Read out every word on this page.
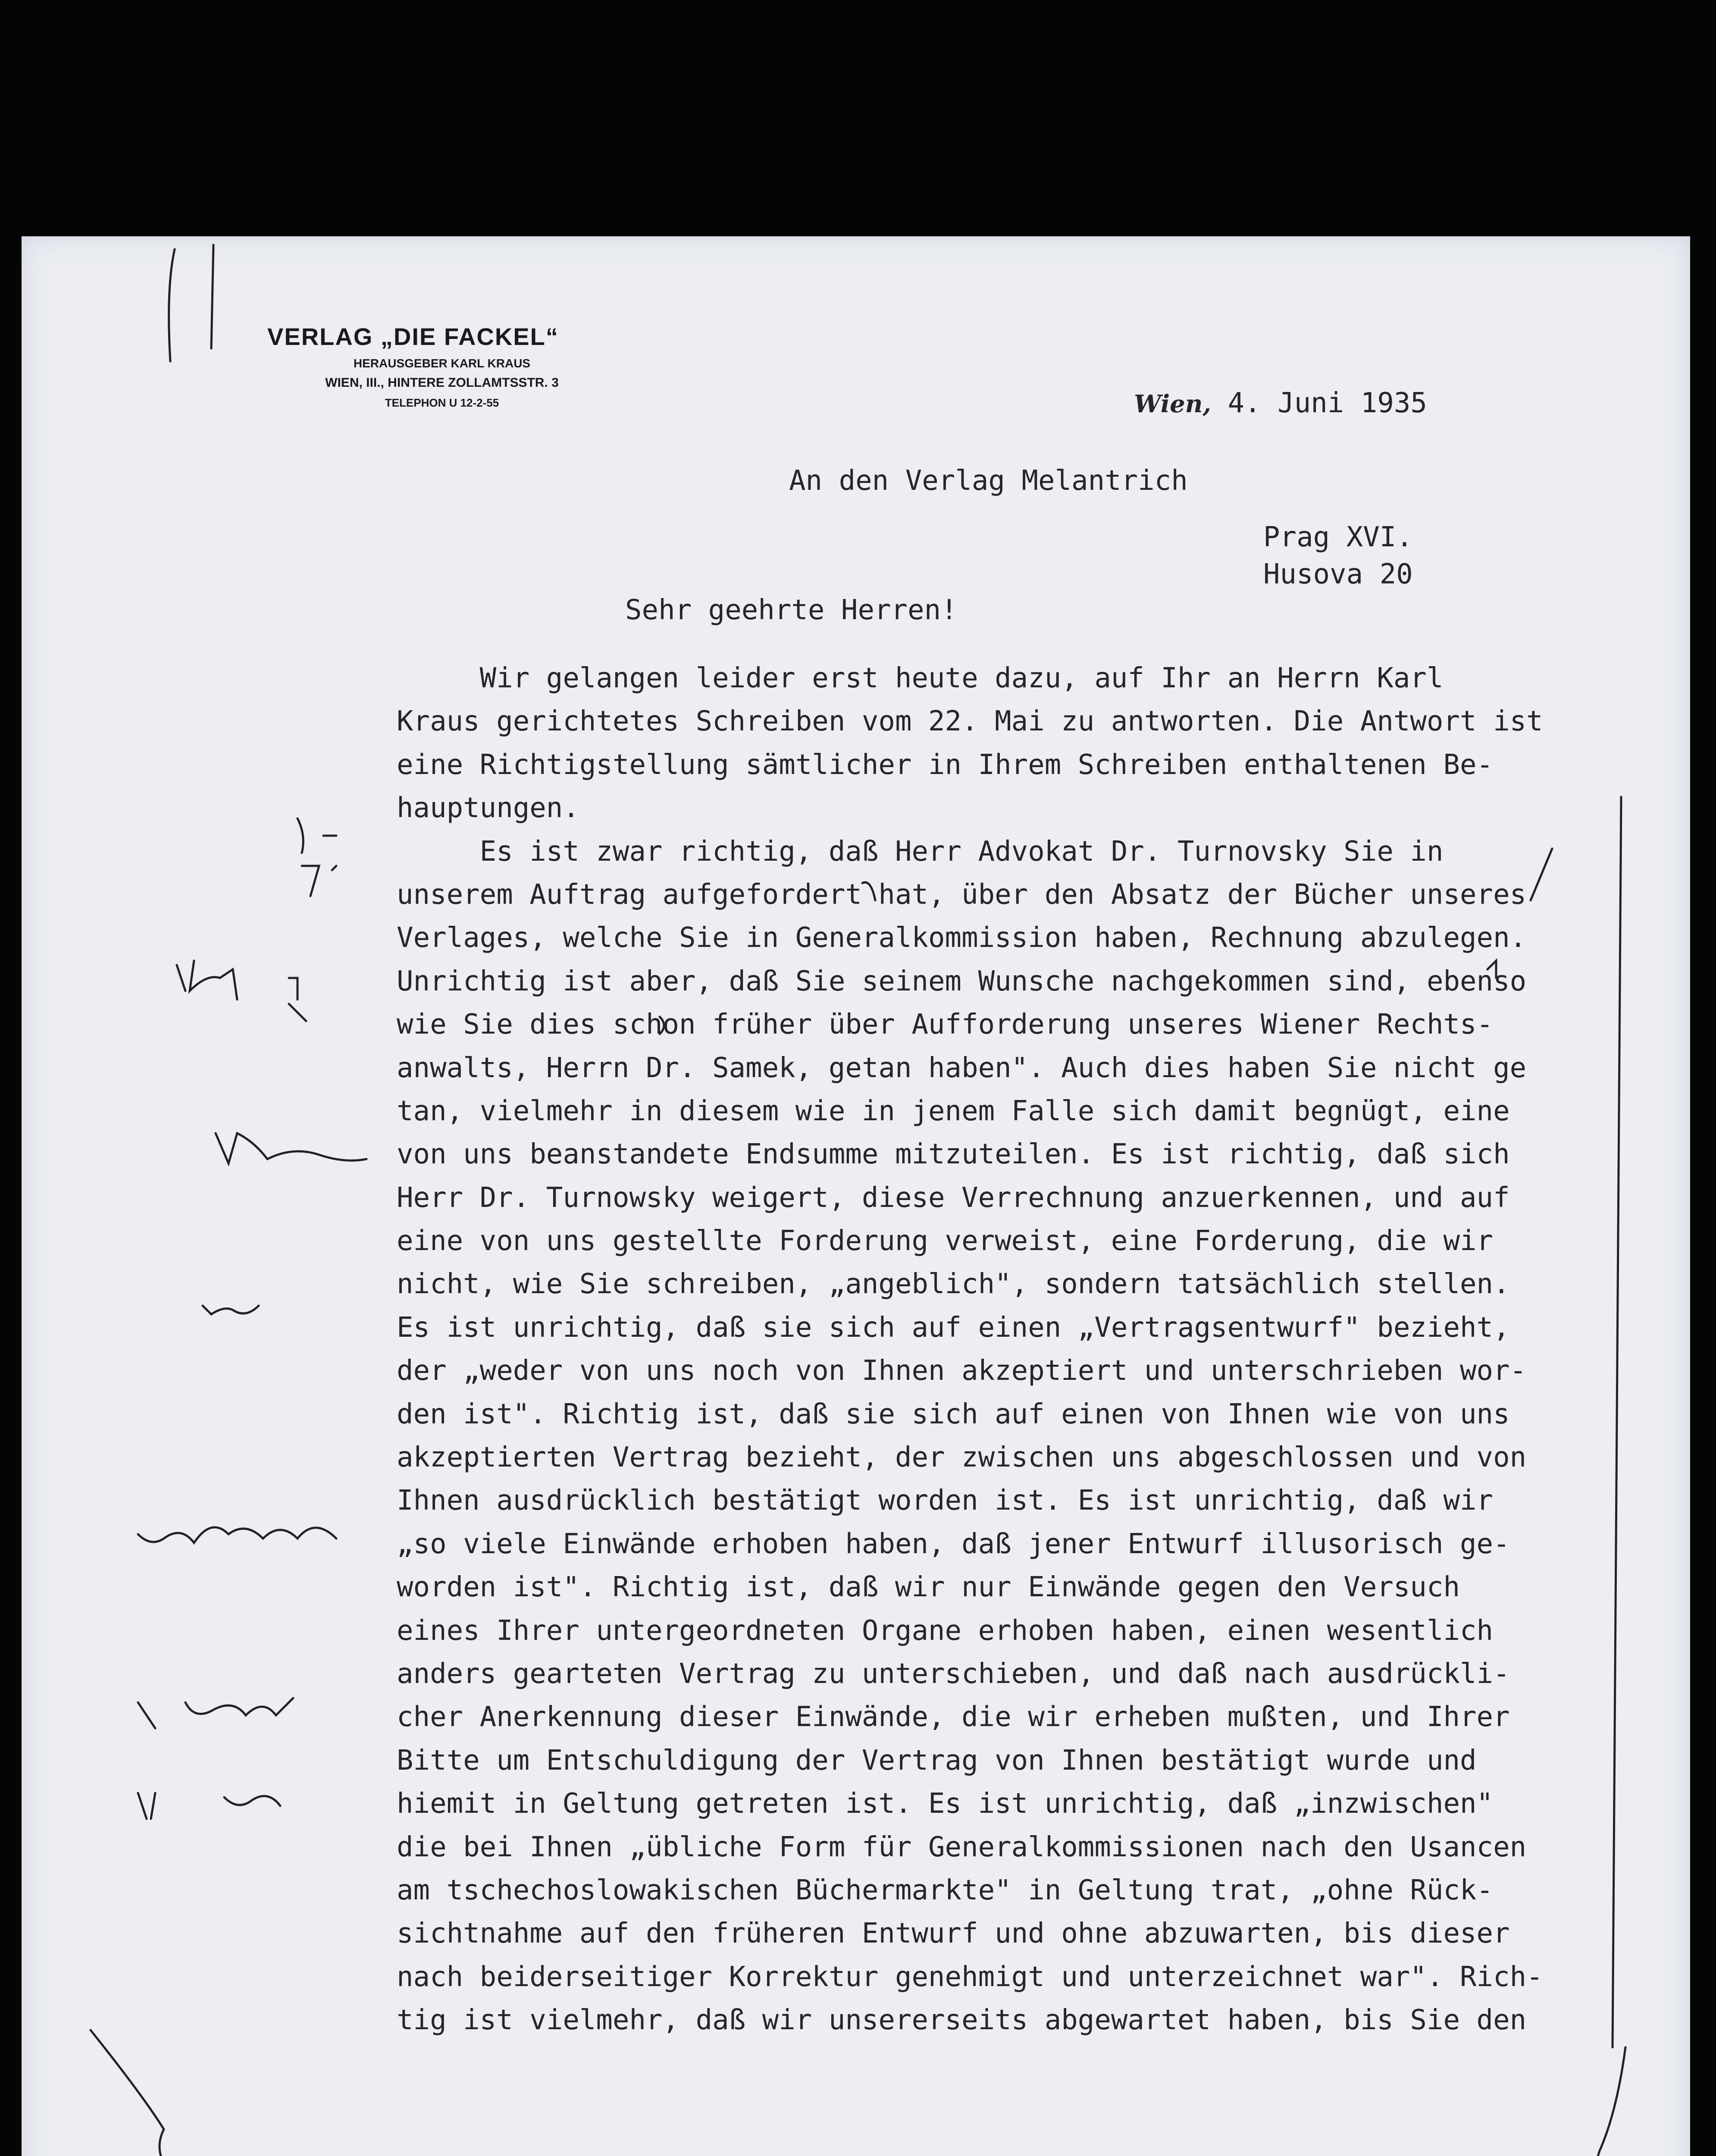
VERLAG „DIE FACKEL“
HERAUSGEBER KARL KRAUS
WIEN, III., HINTERE ZOLLAMTSSTR. 3
TELEPHON U 12-2-55	Wien, 4. Juni 1935
An den Verlag Melantrich
Prag XVI.
Husova 20
Sehr geehrte Herren!
Wir gelangen leider erst heute dazu, auf Ihr an Herrn Karl
Kraus gerichtetes Schreiben vom 22. Mai zu antworten. Die Antwort ist
eine Richtigstellung sämtlicher in Ihrem Schreiben enthaltenen Be-
hauptungen.
Es ist zwar richtig, daß Herr Advokat Dr. Turnovsky Sie in
unserem Auftrag aufgefordert hat, über den Absatz der Bücher unseres
Verlages, welche Sie in Generalkommission haben, Rechnung abzulegen.
Unrichtig ist aber, daß Sie seinem Wunsche nachgekommen sind, ebenso
wie Sie dies schon früher über Aufforderung unseres Wiener Rechts-
anwalts, Herrn Dr. Samek, getan haben". Auch dies haben Sie nicht ge
tan, vielmehr in diesem wie in jenem Falle sich damit begnügt, eine
von uns beanstandete Endsumme mitzuteilen. Es ist richtig, daß sich
Herr Dr. Turnowsky weigert, diese Verrechnung anzuerkennen, und auf
eine von uns gestellte Forderung verweist, eine Forderung, die wir
nicht, wie Sie schreiben, „angeblich", sondern tatsächlich stellen.
Es ist unrichtig, daß sie sich auf einen „Vertragsentwurf" bezieht,
der „weder von uns noch von Ihnen akzeptiert und unterschrieben wor-
den ist". Richtig ist, daß sie sich auf einen von Ihnen wie von uns
akzeptierten Vertrag bezieht, der zwischen uns abgeschlossen und von
Ihnen ausdrücklich bestätigt worden ist. Es ist unrichtig, daß wir
„so viele Einwände erhoben haben, daß jener Entwurf illusorisch ge-
worden ist". Richtig ist, daß wir nur Einwände gegen den Versuch
eines Ihrer untergeordneten Organe erhoben haben, einen wesentlich
anders gearteten Vertrag zu unterschieben, und daß nach ausdrückli-
cher Anerkennung dieser Einwände, die wir erheben mußten, und Ihrer
Bitte um Entschuldigung der Vertrag von Ihnen bestätigt wurde und
hiemit in Geltung getreten ist. Es ist unrichtig, daß „inzwischen"
die bei Ihnen „übliche Form für Generalkommissionen nach den Usancen
am tschechoslowakischen Büchermarkte" in Geltung trat, „ohne Rück-
sichtnahme auf den früheren Entwurf und ohne abzuwarten, bis dieser
nach beiderseitiger Korrektur genehmigt und unterzeichnet war". Rich-
tig ist vielmehr, daß wir unsererseits abgewartet haben, bis Sie den
